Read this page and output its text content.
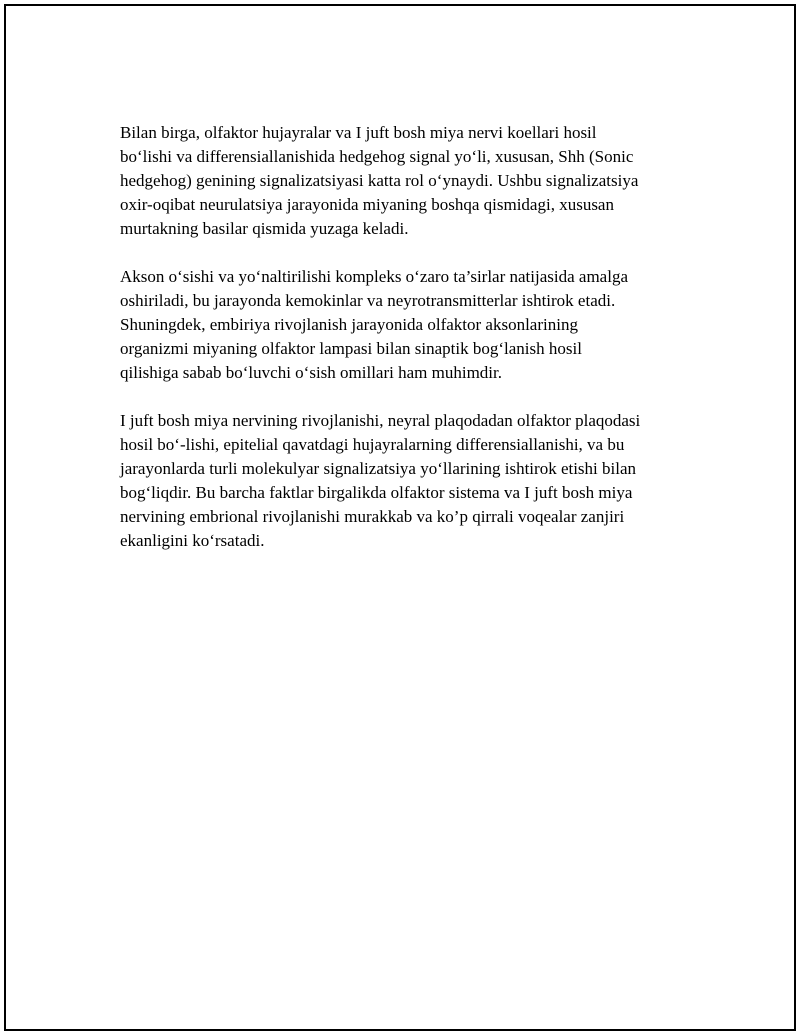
Bilan birga, olfaktor hujayralar va I juft bosh miya nervi koellari hosil
bo‘lishi va differensiallanishida hedgehog signal yo‘li, xususan, Shh (Sonic
hedgehog) genining signalizatsiyasi katta rol o‘ynaydi. Ushbu signalizatsiya
oxir-oqibat neurulatsiya jarayonida miyaning boshqa qismidagi, xususan
murtakning basilar qismida yuzaga keladi.

Akson o‘sishi va yo‘naltirilishi kompleks o‘zaro ta’sirlar natijasida amalga
oshiriladi, bu jarayonda kemokinlar va neyrotransmitterlar ishtirok etadi.
Shuningdek, embiriya rivojlanish jarayonida olfaktor aksonlarining
organizmi miyaning olfaktor lampasi bilan sinaptik bog‘lanish hosil
qilishiga sabab bo‘luvchi o‘sish omillari ham muhimdir.

I juft bosh miya nervining rivojlanishi, neyral plaqodadan olfaktor plaqodasi
hosil bo‘-lishi, epitelial qavatdagi hujayralarning differensiallanishi, va bu
jarayonlarda turli molekulyar signalizatsiya yo‘llarining ishtirok etishi bilan
bog‘liqdir. Bu barcha faktlar birgalikda olfaktor sistema va I juft bosh miya
nervining embrional rivojlanishi murakkab va ko’p qirrali voqealar zanjiri
ekanligini ko‘rsatadi.
